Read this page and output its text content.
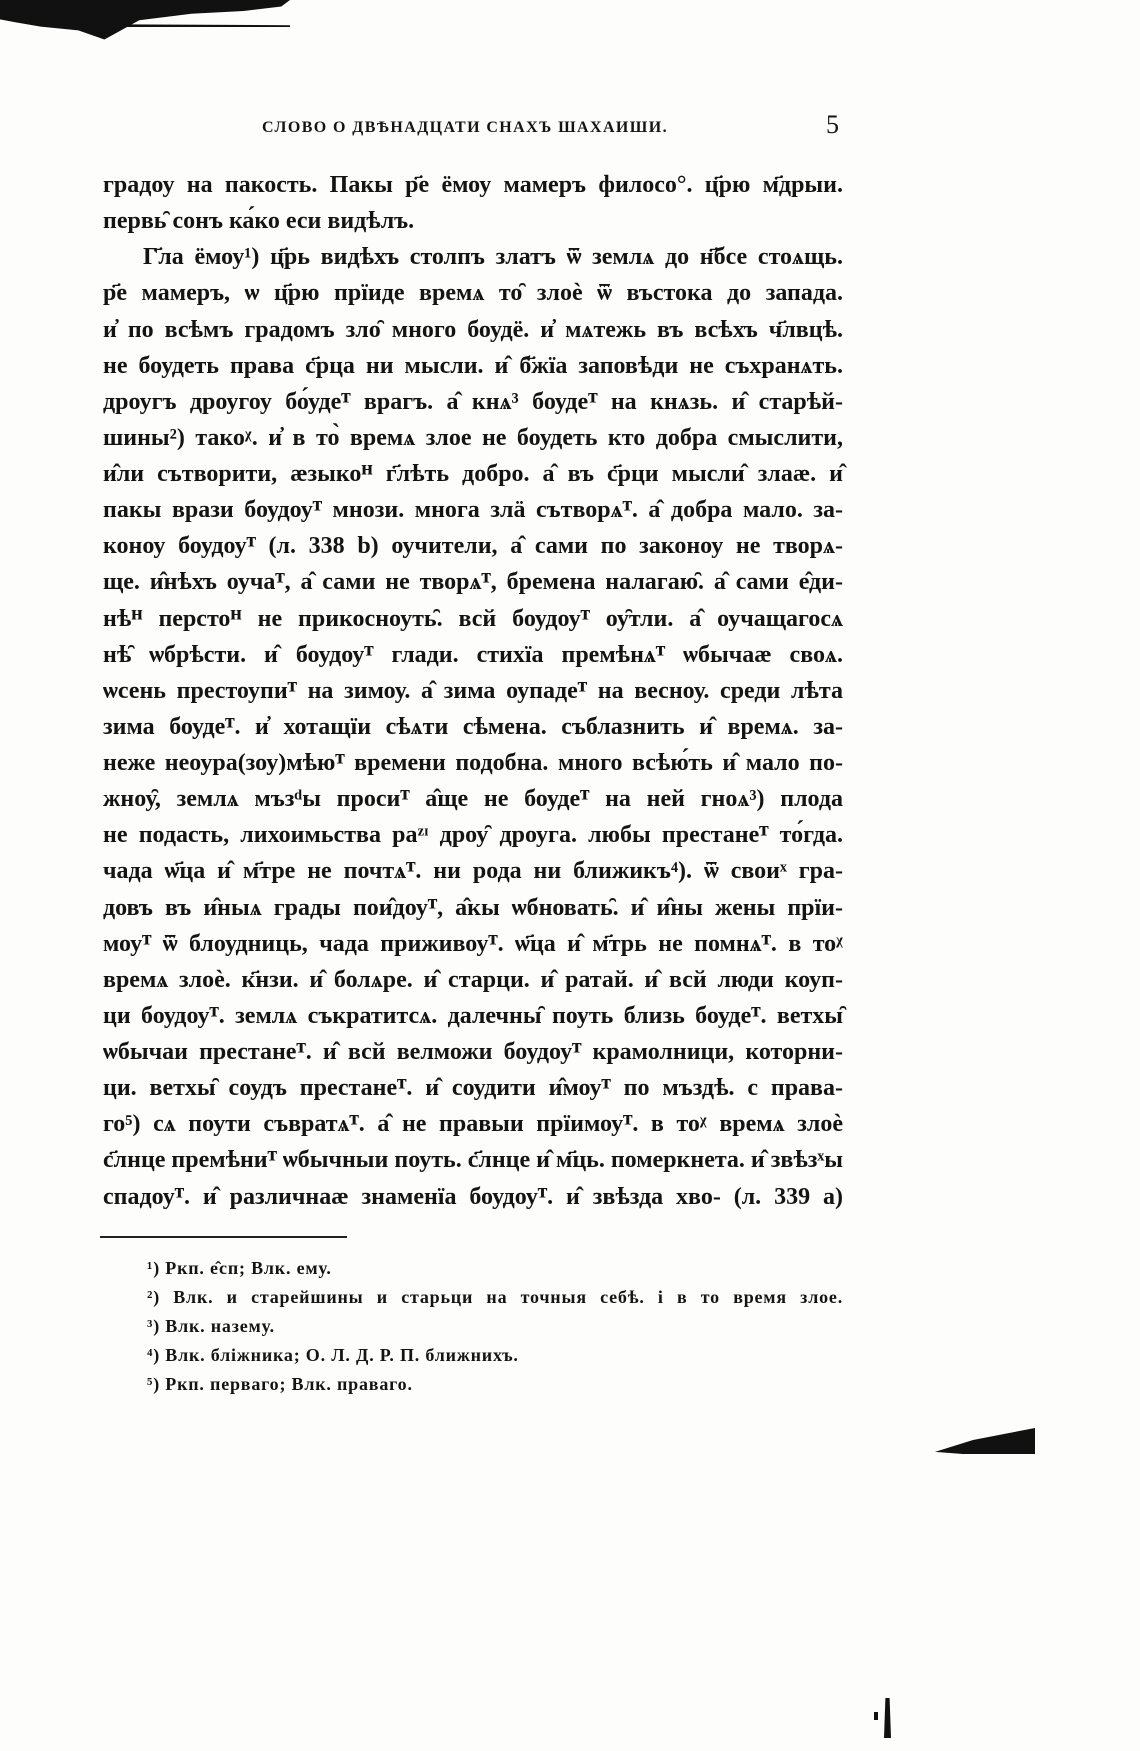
СЛОВО О ДВѢНАДЦАТИ СНАХЪ ШАХАИШИ.	5
градоу на пакость. Пакы р҃е ёмоу мамеръ филосо°. ц҃рю м҃дрыи.
первь̑ сонъ ка́ко еси видѣлъ.
Г҃ла ёмоу¹) ц҃рь видѣхъ столпъ златъ ѿ землѧ до н҃бсе стоѧщь.
р҃е мамеръ, ѡ ц҃рю прїиде времѧ то̑ злоѐ ѿ въстока до запада.
и̓ по всѣмъ градомъ зло̑ много боудё. и̓ мѧтежь въ всѣхъ ч҃лвцѣ.
не боудеть права с҃рца ни мысли. и̂ б҃жїа заповѣди не съхранѧть.
дроугъ дроугоу бо́удеᵀ врагъ. а̂ кнѧ³ боудеᵀ на кнѧзь. и̂ старѣй-
шины²) такоᵡ. и̓ в то̀ времѧ злое не боудеть кто добра смыслити,
и̂ли сътворити, ӕзыкоᴴ г҃лѣть добро. а̂ въ с҃рци мысли̂ злаӕ. и̂
пакы врази боудоуᵀ мнози. многа злӓ сътворѧᵀ. а̂ добра мало. за-
коноу боудоуᵀ (л. 338 b) оучители, а̂ сами по законоу не творѧ-
ще. и̂нѣхъ оучаᵀ, а̂ сами не творѧᵀ, бремена налагаю̑. а̂ сами е̂ди-
нѣᴴ перстоᴴ не прикосноуть̑. всй боудоуᵀ оу̑тли. а̂ оучащагосѧ
нѣ̑ ѡбрѣсти. и̂ боудоуᵀ глади. стихїа премѣнѧᵀ ѡбычаӕ своѧ.
ѡсень престоупиᵀ на зимоу. а̂ зима оупадеᵀ на весноу. среди лѣта
зима боудеᵀ. и̓ хотащїи сѣѧти сѣмена. съблазнить и̂ времѧ. за-
неже неоура(зоу)мѣюᵀ времени подобна. много всѣю́ть и̂ мало по-
жноу̑, землѧ мъзᵈы просиᵀ а̂ще не боудеᵀ на ней гноѧ³) плода
не подасть, лихоимьства раᶻᶦ дроу̑ дроуга. любы престанеᵀ то́гда.
чада ѡ҃ца и̂ м҃тре не почтѧᵀ. ни рода ни ближикъ⁴). ѿ своиˣ гра-
довъ въ и̂ныѧ грады пои̂доуᵀ, а̂кы ѡбновать̑. и̂ и̂ны жены прїи-
моуᵀ ѿ блоудниць, чада приживоуᵀ. ѡ҃ца и̂ м҃трь не помнѧᵀ. в тоᵡ
времѧ злоѐ. к҃нзи. и̂ болѧре. и̂ старци. и̂ ратай. и̂ всй люди коуп-
ци боудоуᵀ. землѧ съкратитсѧ. далечны̑ поуть близь боудеᵀ. ветхы̑
ѡбычаи престанеᵀ. и̂ всй велможи боудоуᵀ крамолници, которни-
ци. ветхы̑ соудъ престанеᵀ. и̂ соудити и̂моуᵀ по мъздѣ. с права-
го⁵) сѧ поути съвратѧᵀ. а̂ не правыи прїимоуᵀ. в тоᵡ времѧ злоѐ
с҃лнце премѣниᵀ ѡбычныи поуть. с҃лнце и̂ м҃ць. померкнета. и̂ звѣзˣы
спадоуᵀ. и̂ различнаӕ знаменїа боудоуᵀ. и̂ звѣзда хво- (л. 339 а)
¹) Ркп. е̂сп; Влк. ему.
²) Влк. и старейшины и старьци на точныя себѣ. і в то время злое.
³) Влк. назему.
⁴) Влк. бліжника; О. Л. Д. Р. П. ближнихъ.
⁵) Ркп. перваго; Влк. праваго.
